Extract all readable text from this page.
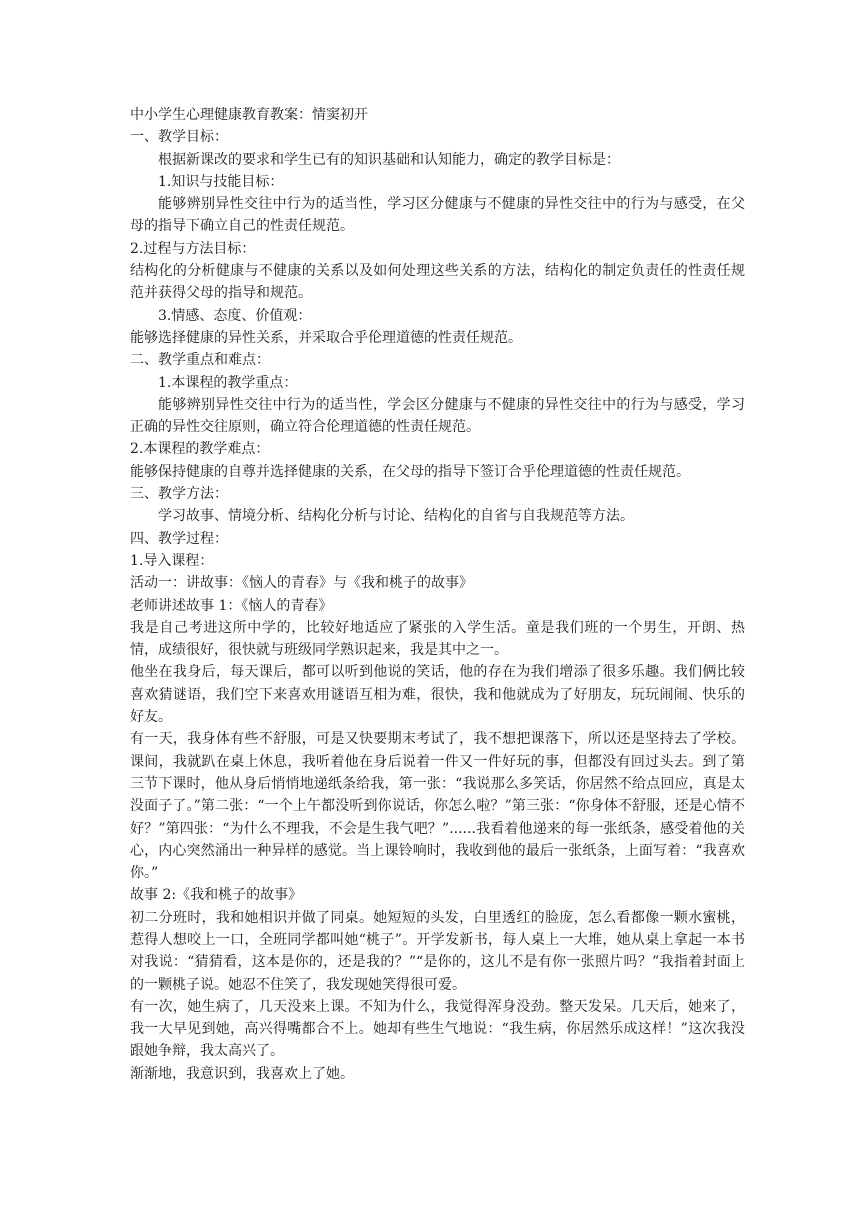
中小学生心理健康教育教案：情窦初开

一、教学目标：

根据新课改的要求和学生已有的知识基础和认知能力，确定的教学目标是：

1.知识与技能目标：

能够辨别异性交往中行为的适当性，学习区分健康与不健康的异性交往中的行为与感受，在父母的指导下确立自己的性责任规范。

2.过程与方法目标：

结构化的分析健康与不健康的关系以及如何处理这些关系的方法，结构化的制定负责任的性责任规范并获得父母的指导和规范。

3.情感、态度、价值观：

能够选择健康的异性关系，并采取合乎伦理道德的性责任规范。

二、教学重点和难点：

1.本课程的教学重点：

能够辨别异性交往中行为的适当性，学会区分健康与不健康的异性交往中的行为与感受，学习正确的异性交往原则，确立符合伦理道德的性责任规范。

2.本课程的教学难点：

能够保持健康的自尊并选择健康的关系，在父母的指导下签订合乎伦理道德的性责任规范。

三、教学方法：

学习故事、情境分析、结构化分析与讨论、结构化的自省与自我规范等方法。

四、教学过程：

1.导入课程：

活动一：讲故事：《恼人的青春》与《我和桃子的故事》

老师讲述故事 1：《恼人的青春》

我是自己考进这所中学的，比较好地适应了紧张的入学生活。童是我们班的一个男生，开朗、热情，成绩很好，很快就与班级同学熟识起来，我是其中之一。

他坐在我身后，每天课后，都可以听到他说的笑话，他的存在为我们增添了很多乐趣。我们俩比较喜欢猜谜语，我们空下来喜欢用谜语互相为难，很快，我和他就成为了好朋友，玩玩闹闹、快乐的好友。

有一天，我身体有些不舒服，可是又快要期末考试了，我不想把课落下，所以还是坚持去了学校。课间，我就趴在桌上休息，我听着他在身后说着一件又一件好玩的事，但都没有回过头去。到了第三节下课时，他从身后悄悄地递纸条给我，第一张：“我说那么多笑话，你居然不给点回应，真是太没面子了。”第二张：“一个上午都没听到你说话，你怎么啦？”第三张：“你身体不舒服，还是心情不好？”第四张：“为什么不理我，不会是生我气吧？”......我看着他递来的每一张纸条，感受着他的关心，内心突然涌出一种异样的感觉。当上课铃响时，我收到他的最后一张纸条，上面写着：“我喜欢你。”

故事 2:《我和桃子的故事》

初二分班时，我和她相识并做了同桌。她短短的头发，白里透红的脸庞，怎么看都像一颗水蜜桃，惹得人想咬上一口，全班同学都叫她“桃子”。开学发新书，每人桌上一大堆，她从桌上拿起一本书对我说：“猜猜看，这本是你的，还是我的？”“是你的，这儿不是有你一张照片吗？”我指着封面上的一颗桃子说。她忍不住笑了，我发现她笑得很可爱。

有一次，她生病了，几天没来上课。不知为什么，我觉得浑身没劲。整天发呆。几天后，她来了，我一大早见到她，高兴得嘴都合不上。她却有些生气地说：“我生病，你居然乐成这样！”这次我没跟她争辩，我太高兴了。

渐渐地，我意识到，我喜欢上了她。
